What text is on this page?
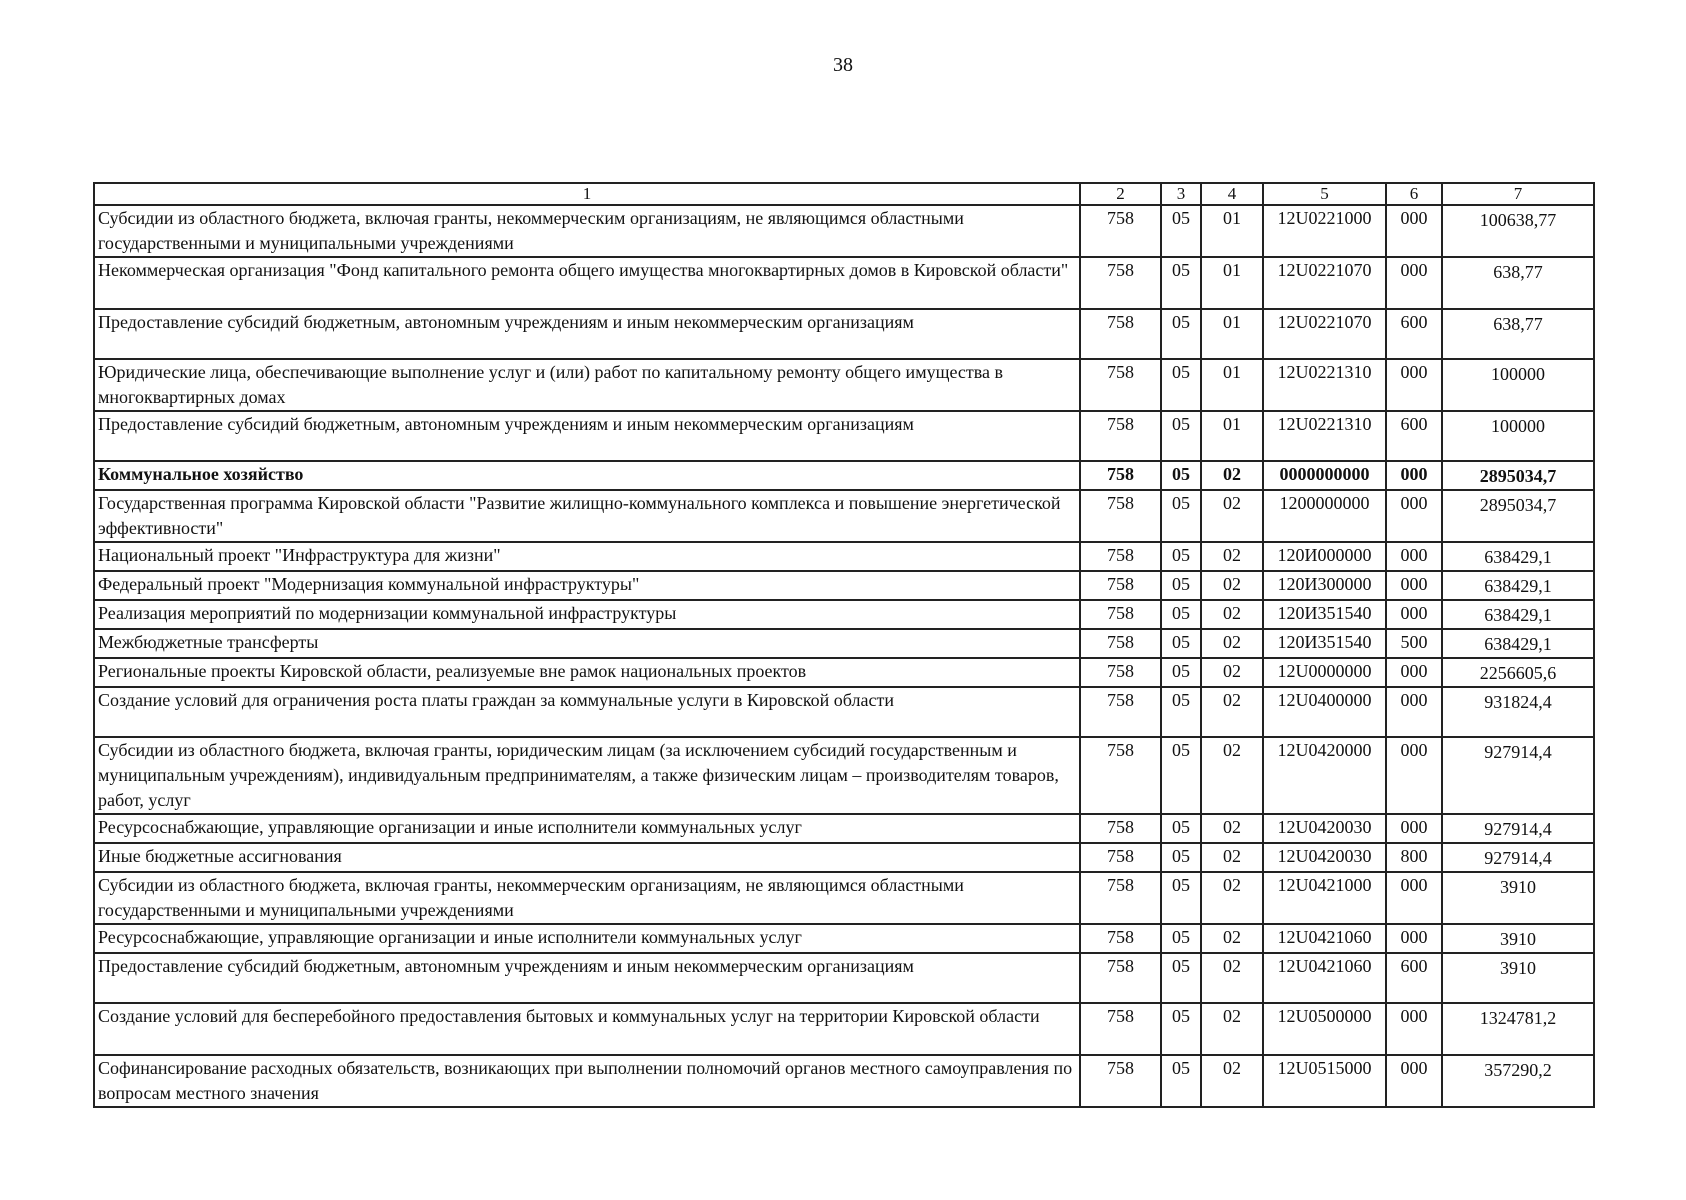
38
1	2	3	4	5	6	7
Субсидии из областного бюджета, включая гранты, некоммерческим организациям, не являющимся областными государственными и муниципальными учреждениями	758	05	01	12U0221000	000	100638,77
Некоммерческая организация "Фонд капитального ремонта общего имущества многоквартирных домов в Кировской области"	758	05	01	12U0221070	000	638,77
Предоставление субсидий бюджетным, автономным учреждениям и иным некоммерческим организациям	758	05	01	12U0221070	600	638,77
Юридические лица, обеспечивающие выполнение услуг и (или) работ по капитальному ремонту общего имущества в многоквартирных домах	758	05	01	12U0221310	000	100000
Предоставление субсидий бюджетным, автономным учреждениям и иным некоммерческим организациям	758	05	01	12U0221310	600	100000
Коммунальное хозяйство	758	05	02	0000000000	000	2895034,7
Государственная программа Кировской области "Развитие жилищно-коммунального комплекса и повышение энергетической эффективности"	758	05	02	1200000000	000	2895034,7
Национальный проект "Инфраструктура для жизни"	758	05	02	120И000000	000	638429,1
Федеральный проект "Модернизация коммунальной инфраструктуры"	758	05	02	120И300000	000	638429,1
Реализация мероприятий по модернизации коммунальной инфраструктуры	758	05	02	120И351540	000	638429,1
Межбюджетные трансферты	758	05	02	120И351540	500	638429,1
Региональные проекты Кировской области, реализуемые вне рамок национальных проектов	758	05	02	12U0000000	000	2256605,6
Создание условий для ограничения роста платы граждан за коммунальные услуги в Кировской области	758	05	02	12U0400000	000	931824,4
Субсидии из областного бюджета, включая гранты, юридическим лицам (за исключением субсидий государственным и муниципальным учреждениям), индивидуальным предпринимателям, а также физическим лицам – производителям товаров, работ, услуг	758	05	02	12U0420000	000	927914,4
Ресурсоснабжающие, управляющие организации и иные исполнители коммунальных услуг	758	05	02	12U0420030	000	927914,4
Иные бюджетные ассигнования	758	05	02	12U0420030	800	927914,4
Субсидии из областного бюджета, включая гранты, некоммерческим организациям, не являющимся областными государственными и муниципальными учреждениями	758	05	02	12U0421000	000	3910
Ресурсоснабжающие, управляющие организации и иные исполнители коммунальных услуг	758	05	02	12U0421060	000	3910
Предоставление субсидий бюджетным, автономным учреждениям и иным некоммерческим организациям	758	05	02	12U0421060	600	3910
Создание условий для бесперебойного предоставления бытовых и коммунальных услуг на территории Кировской области	758	05	02	12U0500000	000	1324781,2
Софинансирование расходных обязательств, возникающих при выполнении полномочий органов местного самоуправления по вопросам местного значения	758	05	02	12U0515000	000	357290,2
